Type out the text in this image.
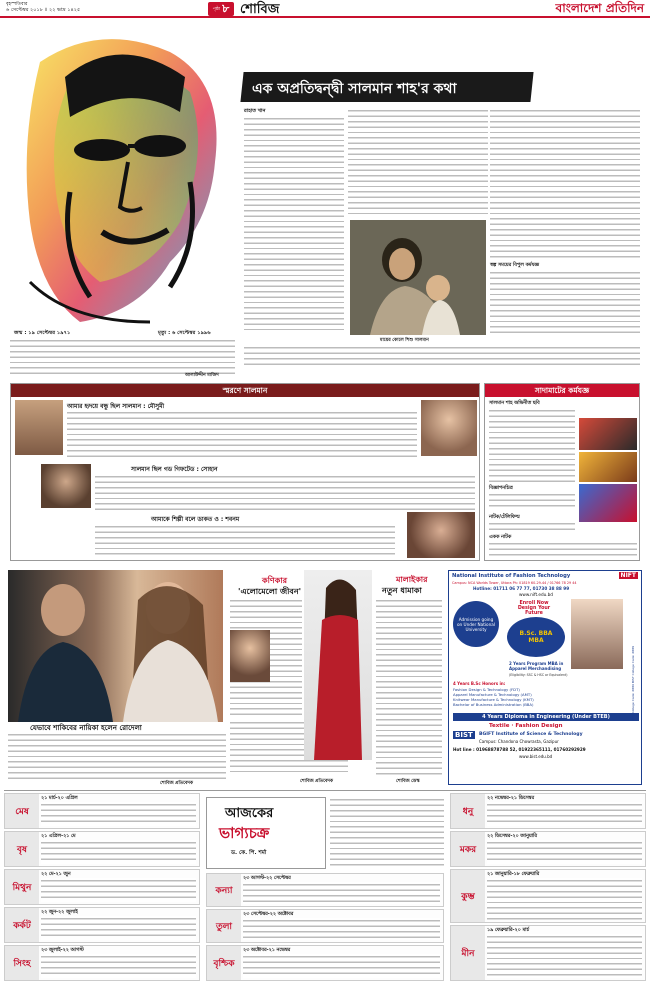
বৃহস্পতিবার
৬ সেপ্টেম্বর ২০১৮ ॥ ২২ ভাদ্র ১৪২৫	পৃষ্ঠা ৮ শোবিজ	বাংলাদেশ প্রতিদিন
এক অপ্রতিদ্বন্দ্বী সালমান শাহ'র কথা
জন্ম : ১৯ সেপ্টেম্বর ১৯৭১	মৃত্যু : ৬ সেপ্টেম্বর ১৯৯৬
রাহাত খান
মায়ের কোলে শিশু সালমান
স্বল্প সময়ের বিপুল কর্মযজ্ঞ
আলাউদ্দীন মাজিদ
স্মরণে সালমান
আমার হৃদয়ে বন্ধু ছিল সালমান : মৌসুমী
সালমান ছিল গড গিফটেড : সোহান
আমাকে শিল্পী বলে ডাকত ও : শবনম
সাদামাটের কর্মযজ্ঞ
সালমান শাহ অভিনীত ছবি
বিজ্ঞাপনচিত্র
নাটক/টেলিফিল্ম
একক নাটক
যেভাবে শাকিবের নায়িকা হলেন রোদেলা
শোবিজ প্রতিবেদক
কণিকার
'এলোমেলো জীবন'
শোবিজ প্রতিবেদক
মালাইকার
নতুন ধামাকা
শোবিজ ডেস্ক
National Institute of Fashion Technology	NIFT
Campus: NCA Worlds Tower, Uttara Ph: 01819 60-29-44 / 01766 78 29 44
Hotline: 01711 06 77 77, 01730 38 88 99
www.nift.edu.bd
Admission going on Under National University
Enroll Now Design Your Future
B.Sc. BBA MBA
2 Years Program MBA in Apparel Merchandising
(Eligibility: SSC & HSC or Equivalent)
4 Years B.Sc Honors in:
Fashion Design & Technology (FDT)
Apparel Manufacture & Technology (AMT)
Knitwear Manufacture & Technology (KMT)
Bachelor of Business Administration (BBA)
4 Years Diploma in Engineering (Under BTEB)
Textile · Fashion Design
BIST	BGIFT Institute of Science & Technology
Campus: Chandona Chowrasta, Gazipur
Hot line : 01968878788 52, 01922365111, 01760292929
www.bist.edu.bd
NIFT College Code: 6886 BIST College Code: 6889
মেষ
২১ মার্চ-২০ এপ্রিল
বৃষ
২১ এপ্রিল-২১ মে
মিথুন
২২ মে-২১ জুন
কর্কট
২২ জুন-২২ জুলাই
সিংহ
২৩ জুলাই-২২ আগস্ট
আজকের
ভাগ্যচক্র
ড. কে. পি. শর্মা
কন্যা
২৩ আগস্ট-২২ সেপ্টেম্বর
তুলা
২৩ সেপ্টেম্বর-২২ অক্টোবর
বৃশ্চিক
২৩ অক্টোবর-২১ নভেম্বর
ধনু
২২ নভেম্বর-২১ ডিসেম্বর
মকর
২২ ডিসেম্বর-২০ জানুয়ারি
কুম্ভ
২১ জানুয়ারি-১৮ ফেব্রুয়ারি
মীন
১৯ ফেব্রুয়ারি-২০ মার্চ
